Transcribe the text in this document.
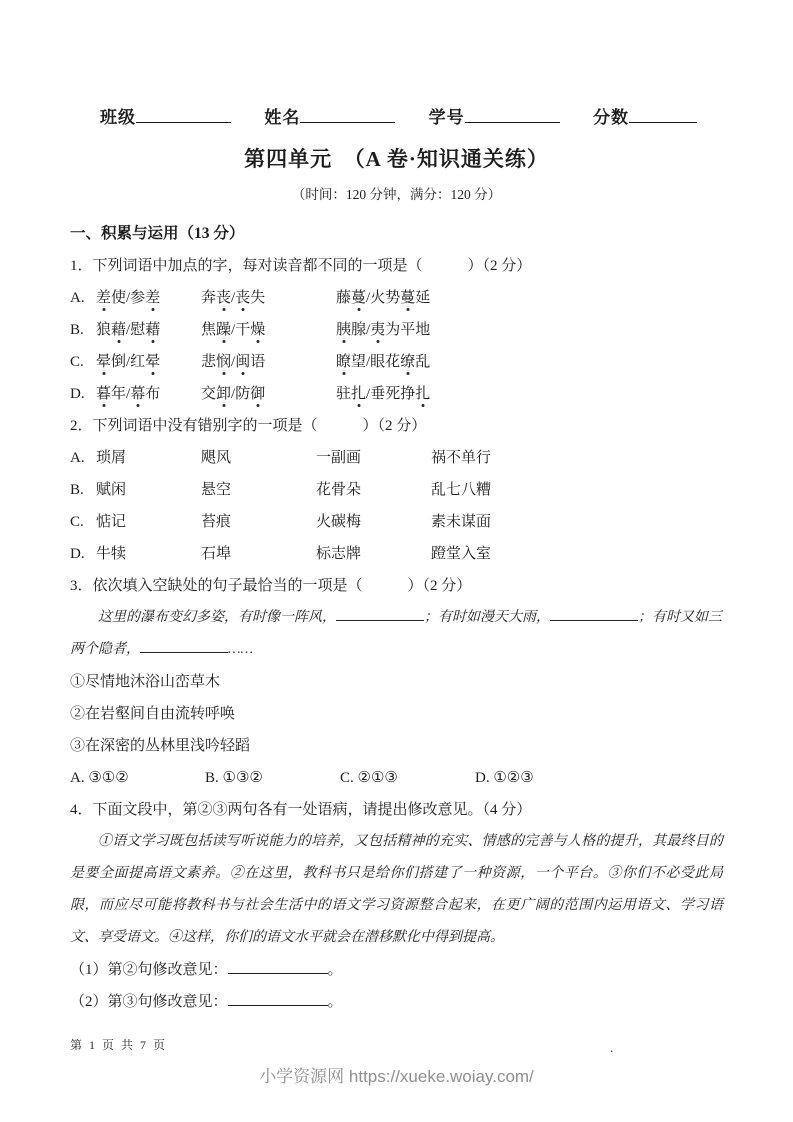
班级	姓名	学号	分数
第四单元　（A 卷·知识通关练）
（时间：120 分钟，满分：120 分）
一、积累与运用（13 分）
1．下列词语中加点的字，每对读音都不同的一项是（　　　）（2 分）
A. 差使/参差	奔丧/丧失	藤蔓/火势蔓延
B. 狼藉/慰藉	焦躁/干燥	胰腺/夷为平地
C. 晕倒/红晕	悲悯/闽语	瞭望/眼花缭乱
D. 暮年/幕布	交卸/防御	驻扎/垂死挣扎
2．下列词语中没有错别字的一项是（　　　）（2 分）
A. 琐屑	飓风	一副画	祸不单行
B. 赋闲	悬空	花骨朵	乱七八糟
C. 惦记	苔痕	火碳梅	素未谋面
D. 牛犊	石埠	标志牌	蹬堂入室
3．依次填入空缺处的句子最恰当的一项是（　　　）（2 分）
这里的瀑布变幻多姿，有时像一阵风，	；有时如漫天大雨，	；有时又如三两个隐者，	……
①尽情地沐浴山峦草木
②在岩壑间自由流转呼唤
③在深密的丛林里浅吟轻蹈
A. ③①②	B. ①③②	C. ②①③	D. ①②③
4．下面文段中，第②③两句各有一处语病，请提出修改意见。（4 分）
①语文学习既包括读写听说能力的培养，又包括精神的充实、情感的完善与人格的提升，其最终目的是要全面提高语文素养。②在这里，教科书只是给你们搭建了一种资源，一个平台。③你们不必受此局限，而应尽可能将教科书与社会生活中的语文学习资源整合起来，在更广阔的范围内运用语文、学习语文、享受语文。④这样，你们的语文水平就会在潜移默化中得到提高。
（1）第②句修改意见：	。
（2）第③句修改意见：	。
第 1 页 共 7 页	.
小学资源网 https://xueke.woiay.com/
